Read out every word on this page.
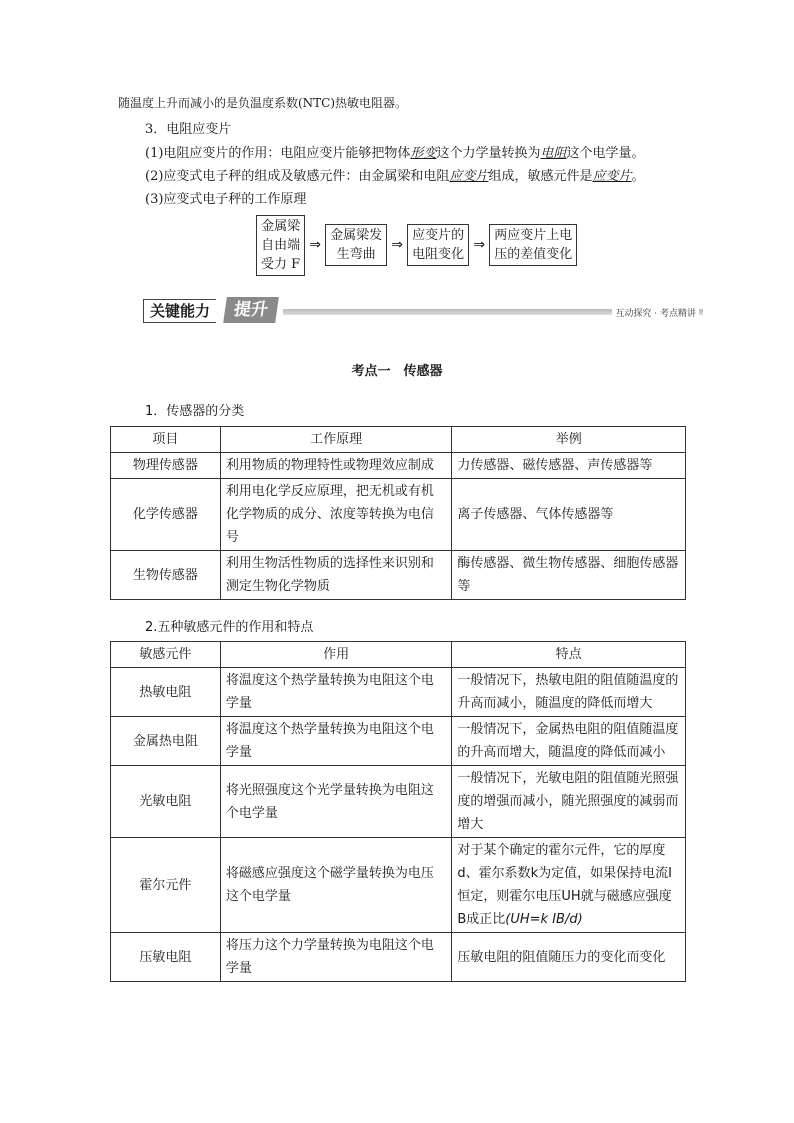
随温度上升而减小的是负温度系数(NTC)热敏电阻器。
3．电阻应变片
(1)电阻应变片的作用：电阻应变片能够把物体形变这个力学量转换为电阻这个电学量。
(2)应变式电子秤的组成及敏感元件：由金属梁和电阻应变片组成，敏感元件是应变片。
(3)应变式电子秤的工作原理
金属梁
自由端
受力 F
⇒
金属梁发
生弯曲
⇒
应变片的
电阻变化
⇒
两应变片上电
压的差值变化
关键能力	提升	互动探究 · 考点精讲
考点一　传感器
1．传感器的分类
项目	工作原理	举例
物理传感器	利用物质的物理特性或物理效应制成	力传感器、磁传感器、声传感器等
化学传感器	利用电化学反应原理，把无机或有机化学物质的成分、浓度等转换为电信号	离子传感器、气体传感器等
生物传感器	利用生物活性物质的选择性来识别和测定生物化学物质	酶传感器、微生物传感器、细胞传感器等
2.五种敏感元件的作用和特点
敏感元件	作用	特点
热敏电阻	将温度这个热学量转换为电阻这个电学量	一般情况下，热敏电阻的阻值随温度的升高而减小，随温度的降低而增大
金属热电阻	将温度这个热学量转换为电阻这个电学量	一般情况下，金属热电阻的阻值随温度的升高而增大，随温度的降低而减小
光敏电阻	将光照强度这个光学量转换为电阻这个电学量	一般情况下，光敏电阻的阻值随光照强度的增强而减小，随光照强度的减弱而增大
霍尔元件	将磁感应强度这个磁学量转换为电压这个电学量	对于某个确定的霍尔元件，它的厚度d、霍尔系数k为定值，如果保持电流I恒定，则霍尔电压UH就与磁感应强度B成正比(UH=k IB/d)
压敏电阻	将压力这个力学量转换为电阻这个电学量	压敏电阻的阻值随压力的变化而变化
